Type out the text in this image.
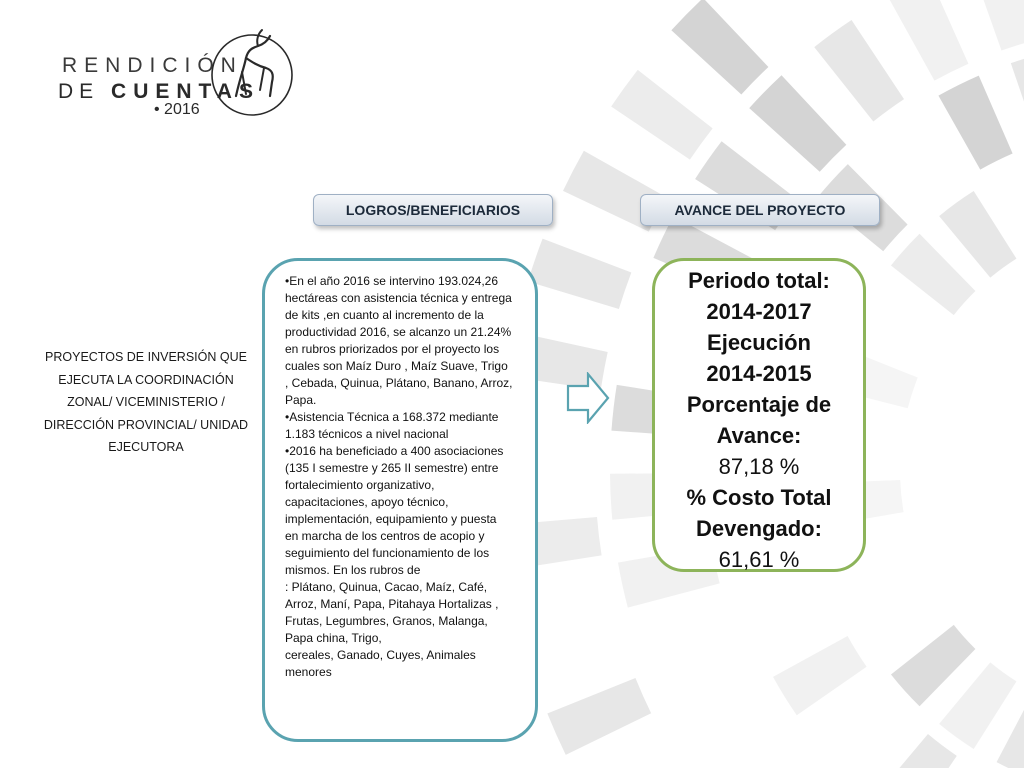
RENDICIÓN
DE CUENTAS
• 2016
LOGROS/BENEFICIARIOS	AVANCE DEL PROYECTO
PROYECTOS DE INVERSIÓN QUE EJECUTA LA COORDINACIÓN ZONAL/ VICEMINISTERIO / DIRECCIÓN PROVINCIAL/ UNIDAD EJECUTORA

•En el año 2016 se intervino 193.024,26 hectáreas con asistencia técnica y entrega de kits ,en cuanto al incremento de la productividad 2016, se alcanzo un 21.24% en rubros priorizados por el proyecto los cuales son Maíz Duro , Maíz Suave, Trigo , Cebada, Quinua, Plátano, Banano, Arroz, Papa.

•Asistencia Técnica a 168.372 mediante 1.183 técnicos a nivel nacional

•2016 ha beneficiado a 400 asociaciones (135 I semestre y 265 II semestre) entre fortalecimiento organizativo, capacitaciones, apoyo técnico, implementación, equipamiento y puesta en marcha de los centros de acopio y seguimiento del funcionamiento de los mismos. En los rubros de

: Plátano, Quinua, Cacao, Maíz, Café, Arroz, Maní, Papa, Pitahaya Hortalizas , Frutas, Legumbres, Granos, Malanga, Papa china, Trigo,

cereales, Ganado, Cuyes, Animales menores

Periodo total:
2014-2017
Ejecución
2014-2015
Porcentaje de Avance:
87,18 %
% Costo Total Devengado:
61,61 %
